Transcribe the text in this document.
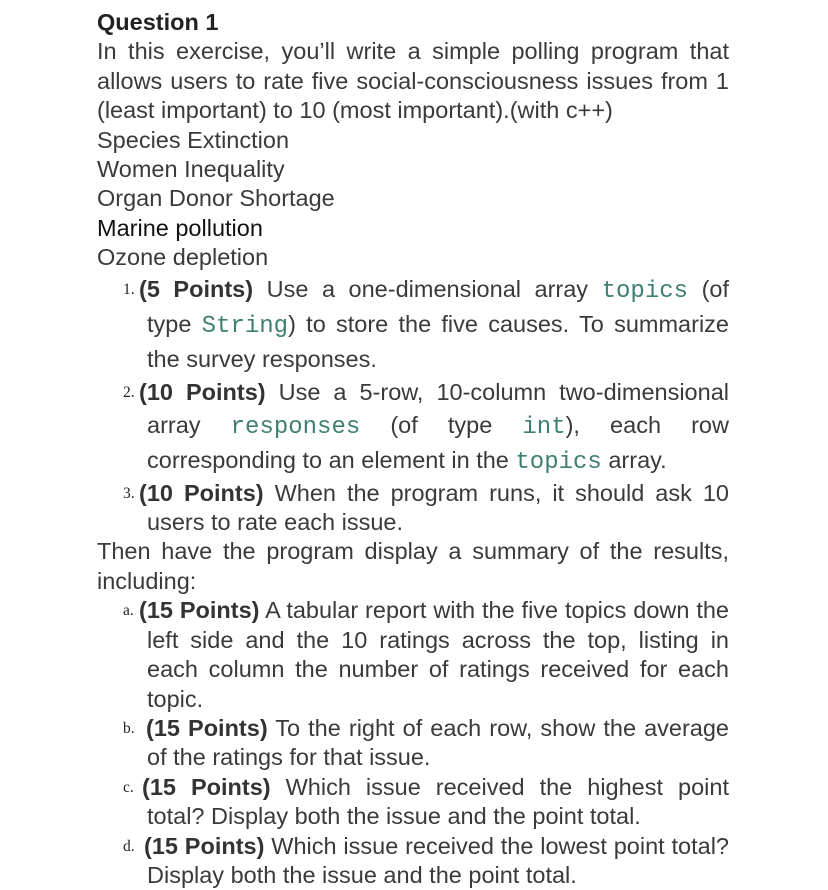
Question 1
In this exercise, you’ll write a simple polling program that allows users to rate five social-consciousness issues from 1 (least important) to 10 (most important).(with c++)
Species Extinction
Women Inequality
Organ Donor Shortage
Marine pollution
Ozone depletion
1. (5 Points) Use a one-dimensional array topics (of type String) to store the five causes. To summarize the survey responses.
2. (10 Points) Use a 5-row, 10-column two-dimensional array responses (of type int), each row corresponding to an element in the topics array.
3. (10 Points) When the program runs, it should ask 10 users to rate each issue.
Then have the program display a summary of the results, including:
a. (15 Points) A tabular report with the five topics down the left side and the 10 ratings across the top, listing in each column the number of ratings received for each topic.
b. (15 Points) To the right of each row, show the average of the ratings for that issue.
c. (15 Points) Which issue received the highest point total? Display both the issue and the point total.
d. (15 Points) Which issue received the lowest point total? Display both the issue and the point total.
